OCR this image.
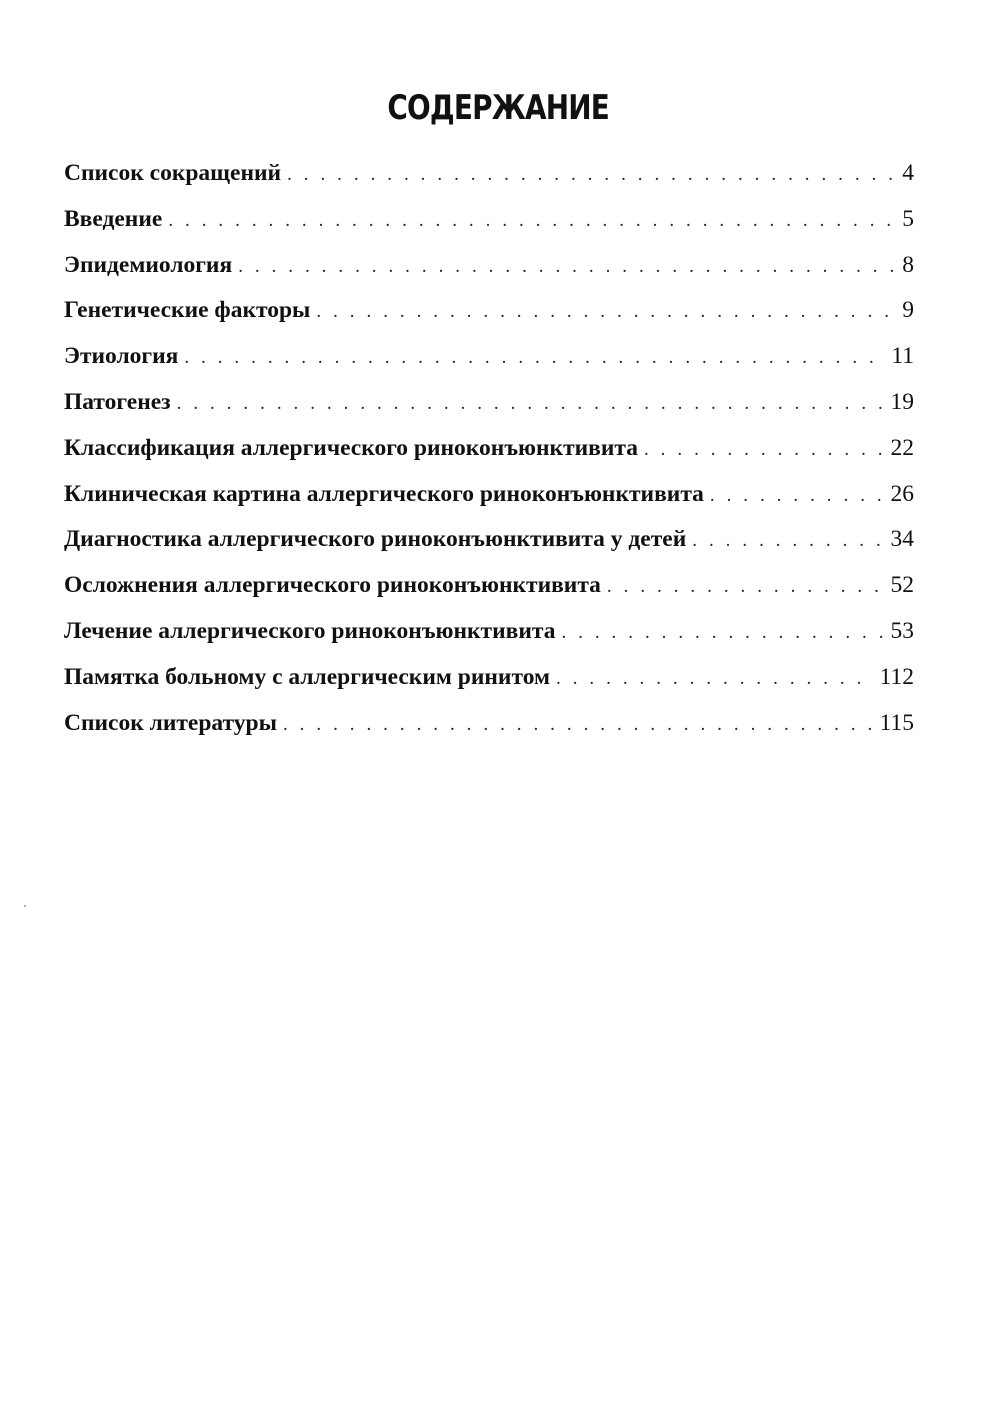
СОДЕРЖАНИЕ
Список сокращений . . .	4
Введение . . .	5
Эпидемиология . . .	8
Генетические факторы . . .	9
Этиология . . .	11
Патогенез . . .	19
Классификация аллергического риноконъюнктивита . . .	22
Клиническая картина аллергического риноконъюнктивита . . .	26
Диагностика аллергического риноконъюнктивита у детей . . .	34
Осложнения аллергического риноконъюнктивита . . .	52
Лечение аллергического риноконъюнктивита . . .	53
Памятка больному с аллергическим ринитом . . .	112
Список литературы . . .	115
